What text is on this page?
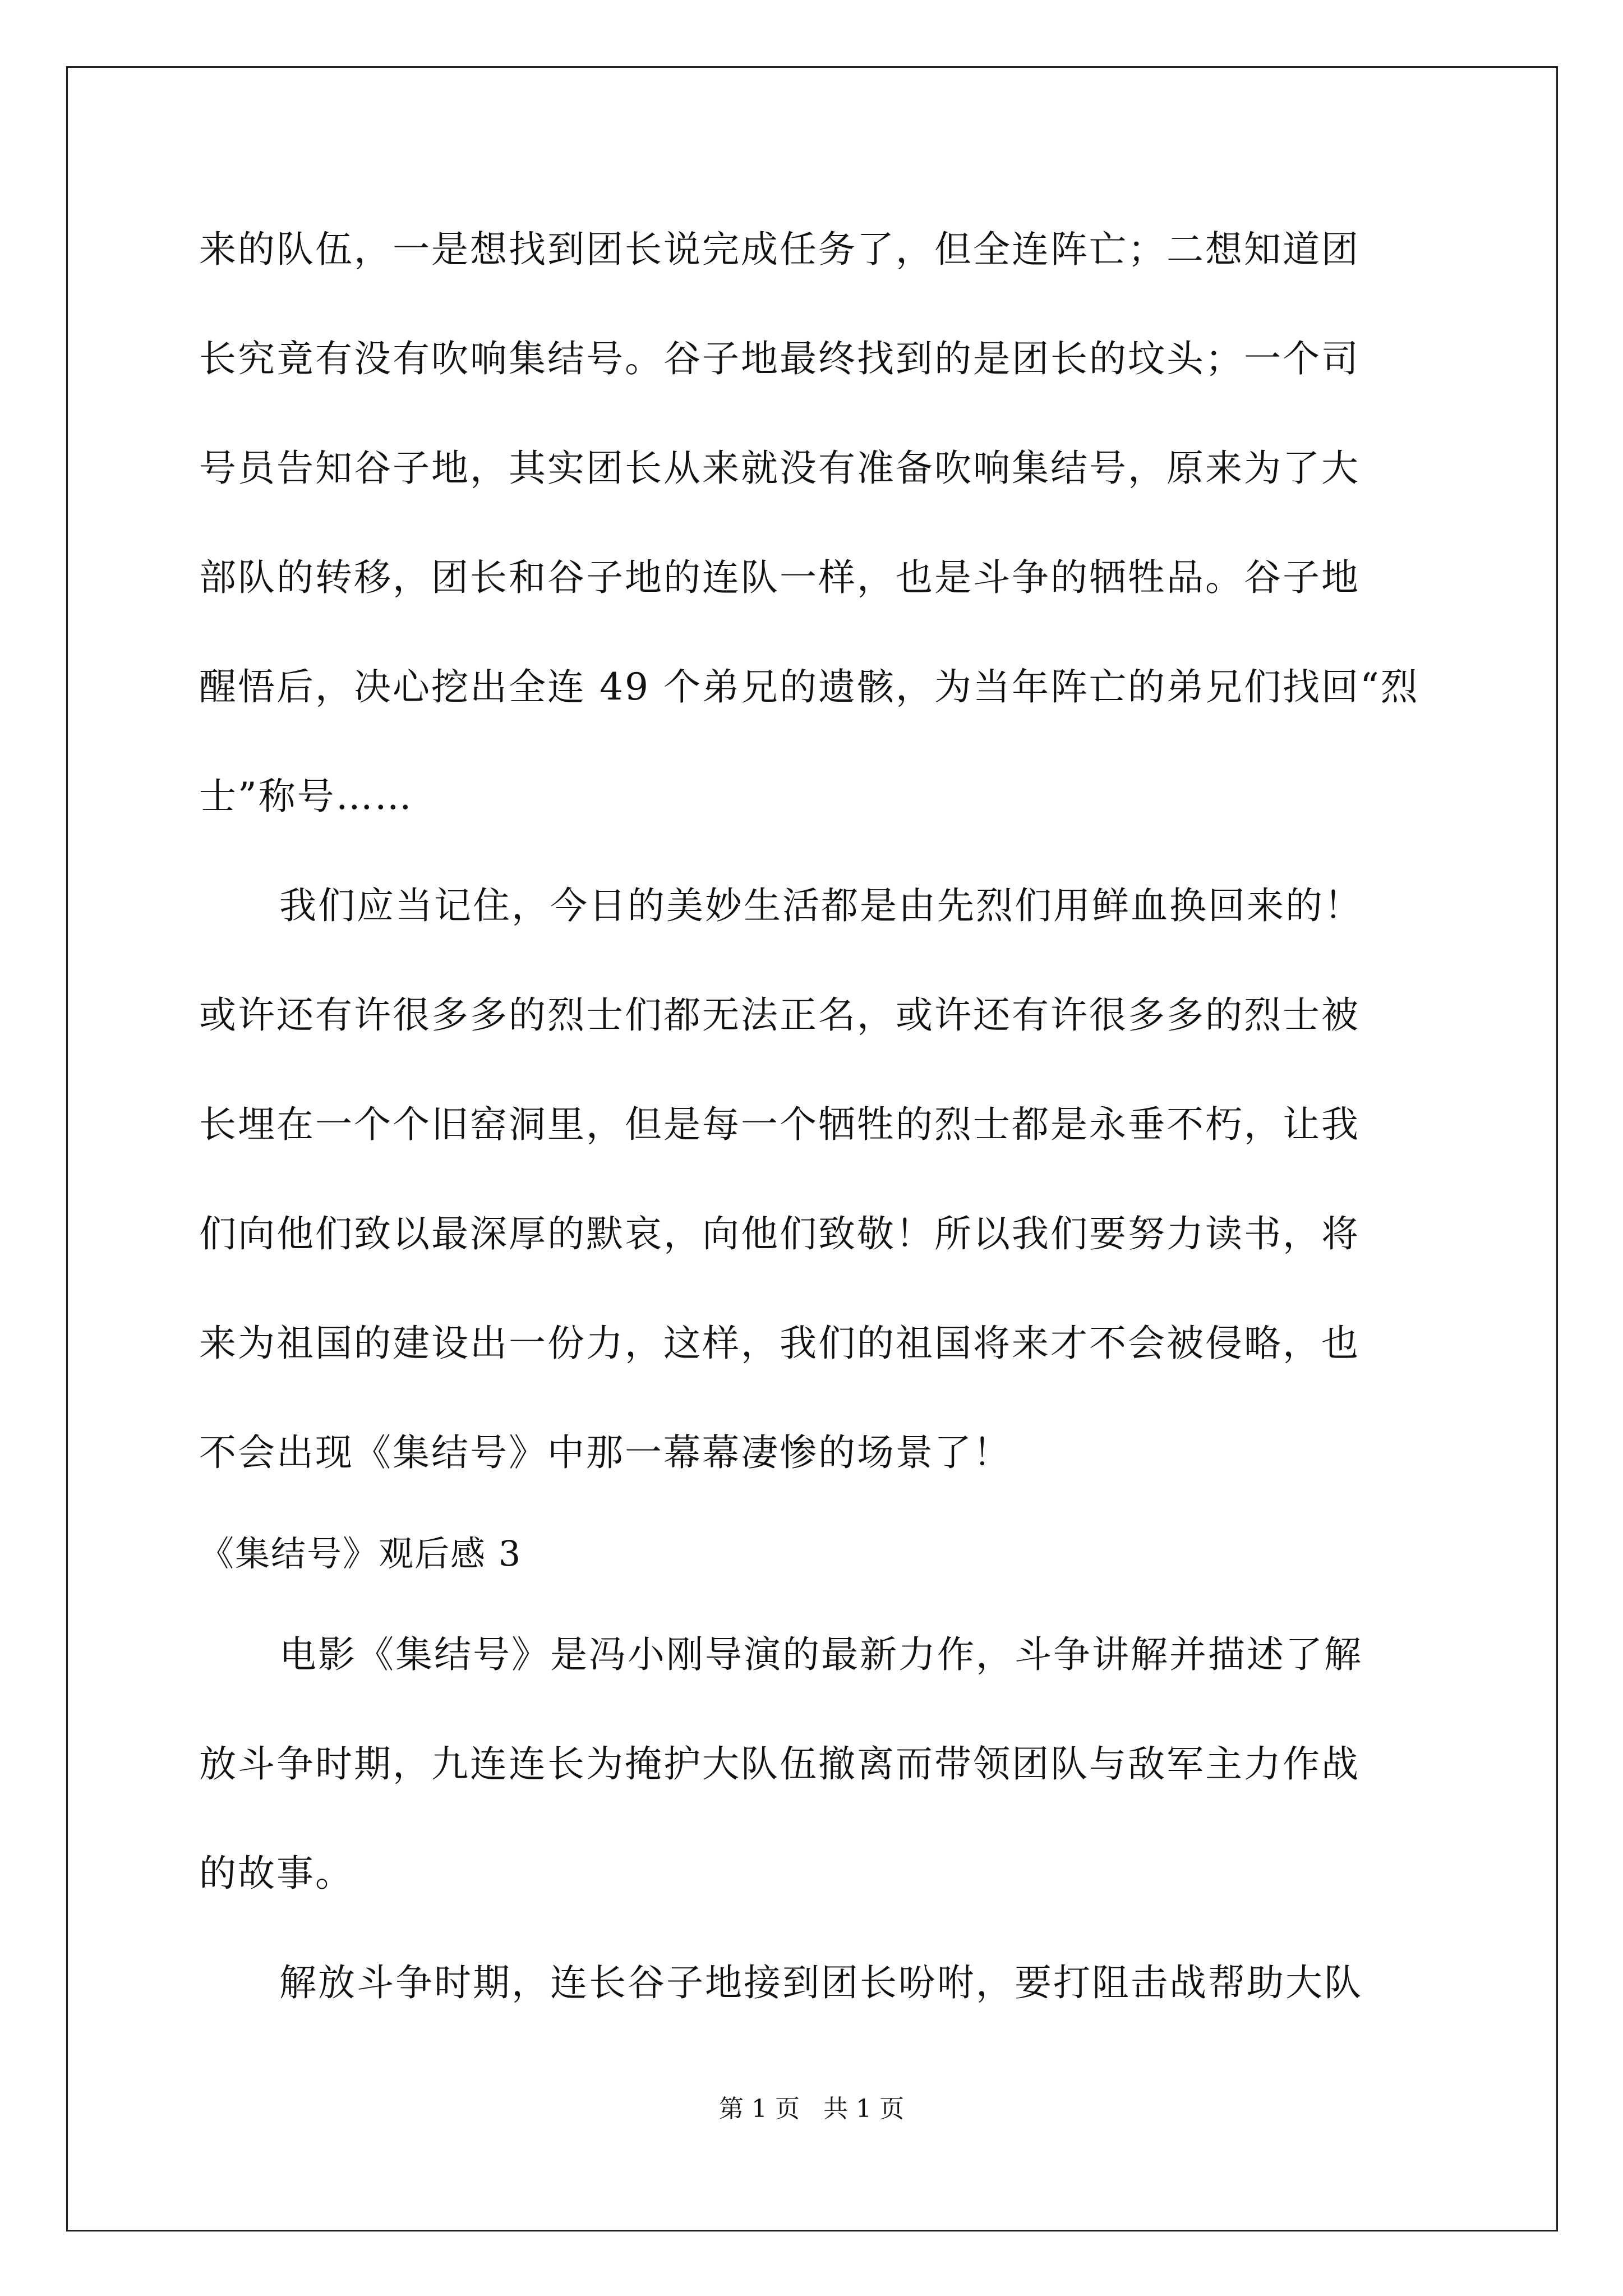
来的队伍，一是想找到团长说完成任务了，但全连阵亡；二想知道团
长究竟有没有吹响集结号。谷子地最终找到的是团长的坟头；一个司
号员告知谷子地，其实团长从来就没有准备吹响集结号，原来为了大
部队的转移，团长和谷子地的连队一样，也是斗争的牺牲品。谷子地
醒悟后，决心挖出全连 49 个弟兄的遗骸，为当年阵亡的弟兄们找回“烈
士”称号……
我们应当记住，今日的美妙生活都是由先烈们用鲜血换回来的！
或许还有许很多多的烈士们都无法正名，或许还有许很多多的烈士被
长埋在一个个旧窑洞里，但是每一个牺牲的烈士都是永垂不朽，让我
们向他们致以最深厚的默哀，向他们致敬！所以我们要努力读书，将
来为祖国的建设出一份力，这样，我们的祖国将来才不会被侵略，也
不会出现《集结号》中那一幕幕凄惨的场景了！
《集结号》观后感 3
电影《集结号》是冯小刚导演的最新力作，斗争讲解并描述了解
放斗争时期，九连连长为掩护大队伍撤离而带领团队与敌军主力作战
的故事。
解放斗争时期，连长谷子地接到团长吩咐，要打阻击战帮助大队
第 1 页   共 1 页
